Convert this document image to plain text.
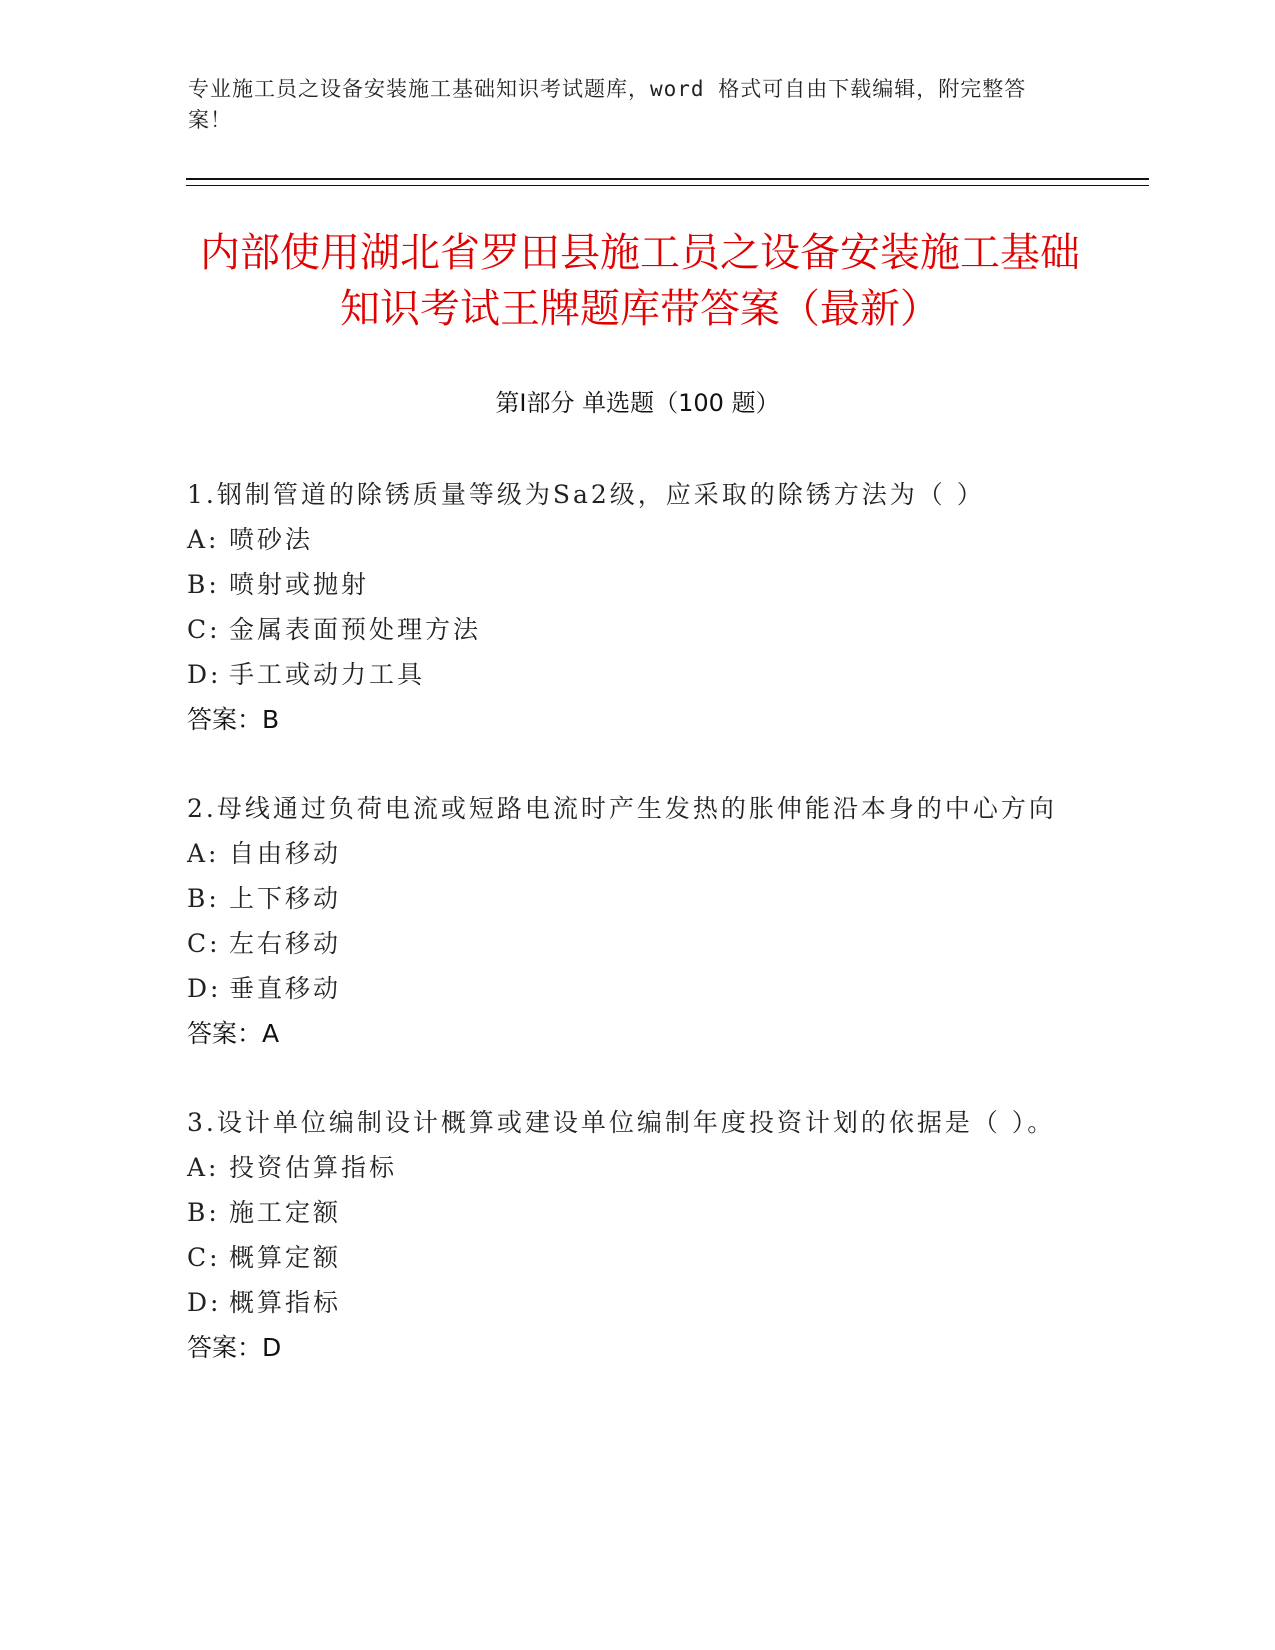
专业施工员之设备安装施工基础知识考试题库，word 格式可自由下载编辑，附完整答案！
内部使用湖北省罗田县施工员之设备安装施工基础知识考试王牌题库带答案（最新）
第Ⅰ部分 单选题（100 题）
1.钢制管道的除锈质量等级为Sa2级，应采取的除锈方法为（ ）
A: 喷砂法
B: 喷射或抛射
C: 金属表面预处理方法
D: 手工或动力工具
答案：B
2.母线通过负荷电流或短路电流时产生发热的胀伸能沿本身的中心方向
A: 自由移动
B: 上下移动
C: 左右移动
D: 垂直移动
答案：A
3.设计单位编制设计概算或建设单位编制年度投资计划的依据是（ ）。
A: 投资估算指标
B: 施工定额
C: 概算定额
D: 概算指标
答案：D
